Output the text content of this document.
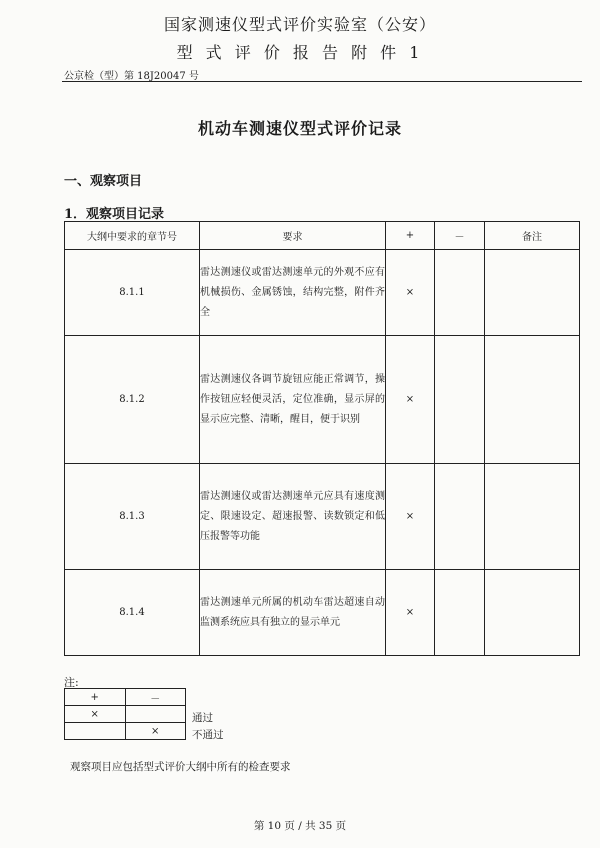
国家测速仪型式评价实验室（公安）
型 式 评 价 报 告 附 件 1
公京检（型）第 18J20047 号
机动车测速仪型式评价记录
一、观察项目
1．观察项目记录
大纲中要求的章节号	要求	+	－	备注
8.1.1	雷达测速仪或雷达测速单元的外观不应有机械损伤、金属锈蚀，结构完整，附件齐全	×		
8.1.2	雷达测速仪各调节旋钮应能正常调节，操作按钮应轻便灵活，定位准确，显示屏的显示应完整、清晰，醒目，便于识别	×		
8.1.3	雷达测速仪或雷达测速单元应具有速度测定、限速设定、超速报警、读数锁定和低压报警等功能	×		
8.1.4	雷达测速单元所属的机动车雷达超速自动监测系统应具有独立的显示单元	×		
注:
+	－
×	
	×
通过
不通过
观察项目应包括型式评价大纲中所有的检查要求
第 10 页 / 共 35 页
